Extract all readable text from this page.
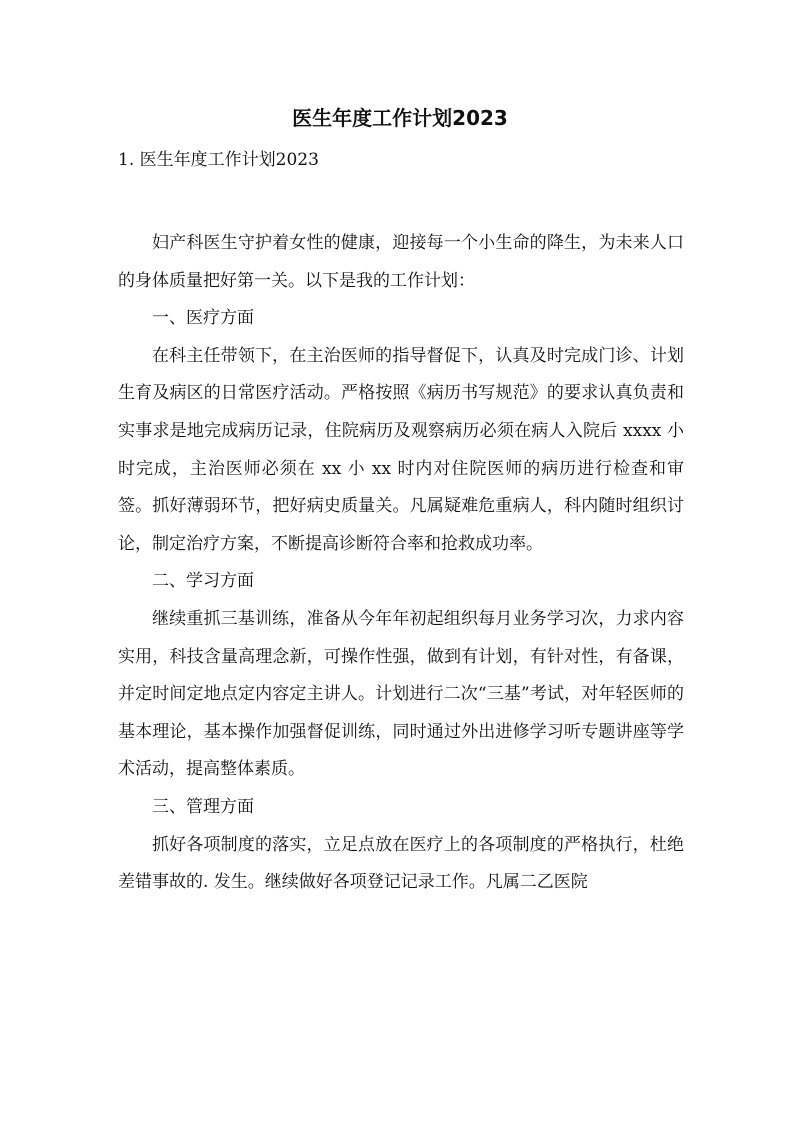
医生年度工作计划2023

1. 医生年度工作计划2023

妇产科医生守护着女性的健康，迎接每一个小生命的降生，为未来人口的身体质量把好第一关。以下是我的工作计划：

一、医疗方面

在科主任带领下，在主治医师的指导督促下，认真及时完成门诊、计划生育及病区的日常医疗活动。严格按照《病历书写规范》的要求认真负责和实事求是地完成病历记录，住院病历及观察病历必须在病人入院后 xxxx 小时完成，主治医师必须在 xx 小 xx 时内对住院医师的病历进行检查和审签。抓好薄弱环节，把好病史质量关。凡属疑难危重病人，科内随时组织讨论，制定治疗方案，不断提高诊断符合率和抢救成功率。

二、学习方面

继续重抓三基训练，准备从今年年初起组织每月业务学习次，力求内容实用，科技含量高理念新，可操作性强，做到有计划，有针对性，有备课，并定时间定地点定内容定主讲人。计划进行二次“三基”考试，对年轻医师的基本理论，基本操作加强督促训练，同时通过外出进修学习听专题讲座等学术活动，提高整体素质。

三、管理方面

抓好各项制度的落实，立足点放在医疗上的各项制度的严格执行，杜绝差错事故的. 发生。继续做好各项登记记录工作。凡属二乙医院
